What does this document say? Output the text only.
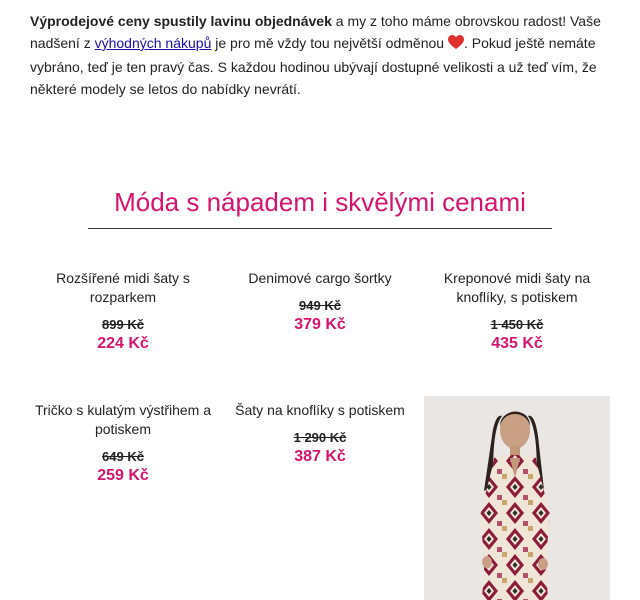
Výprodejové ceny spustily lavinu objednávek a my z toho máme obrovskou radost! Vaše nadšení z výhodných nákupů je pro mě vždy tou největší odměnou . Pokud ještě nemáte vybráno, teď je ten pravý čas. S každou hodinou ubývají dostupné velikosti a už teď vím, že některé modely se letos do nabídky nevrátí.
Móda s nápadem i skvělými cenami
Rozšířené midi šaty s rozparkem
899 Kč
224 Kč
Denimové cargo šortky
949 Kč
379 Kč
Kreponové midi šaty na knoflíky, s potiskem
1 450 Kč
435 Kč
Tričko s kulatým výstřihem a potiskem
649 Kč
259 Kč
Šaty na knoflíky s potiskem
1 290 Kč
387 Kč
